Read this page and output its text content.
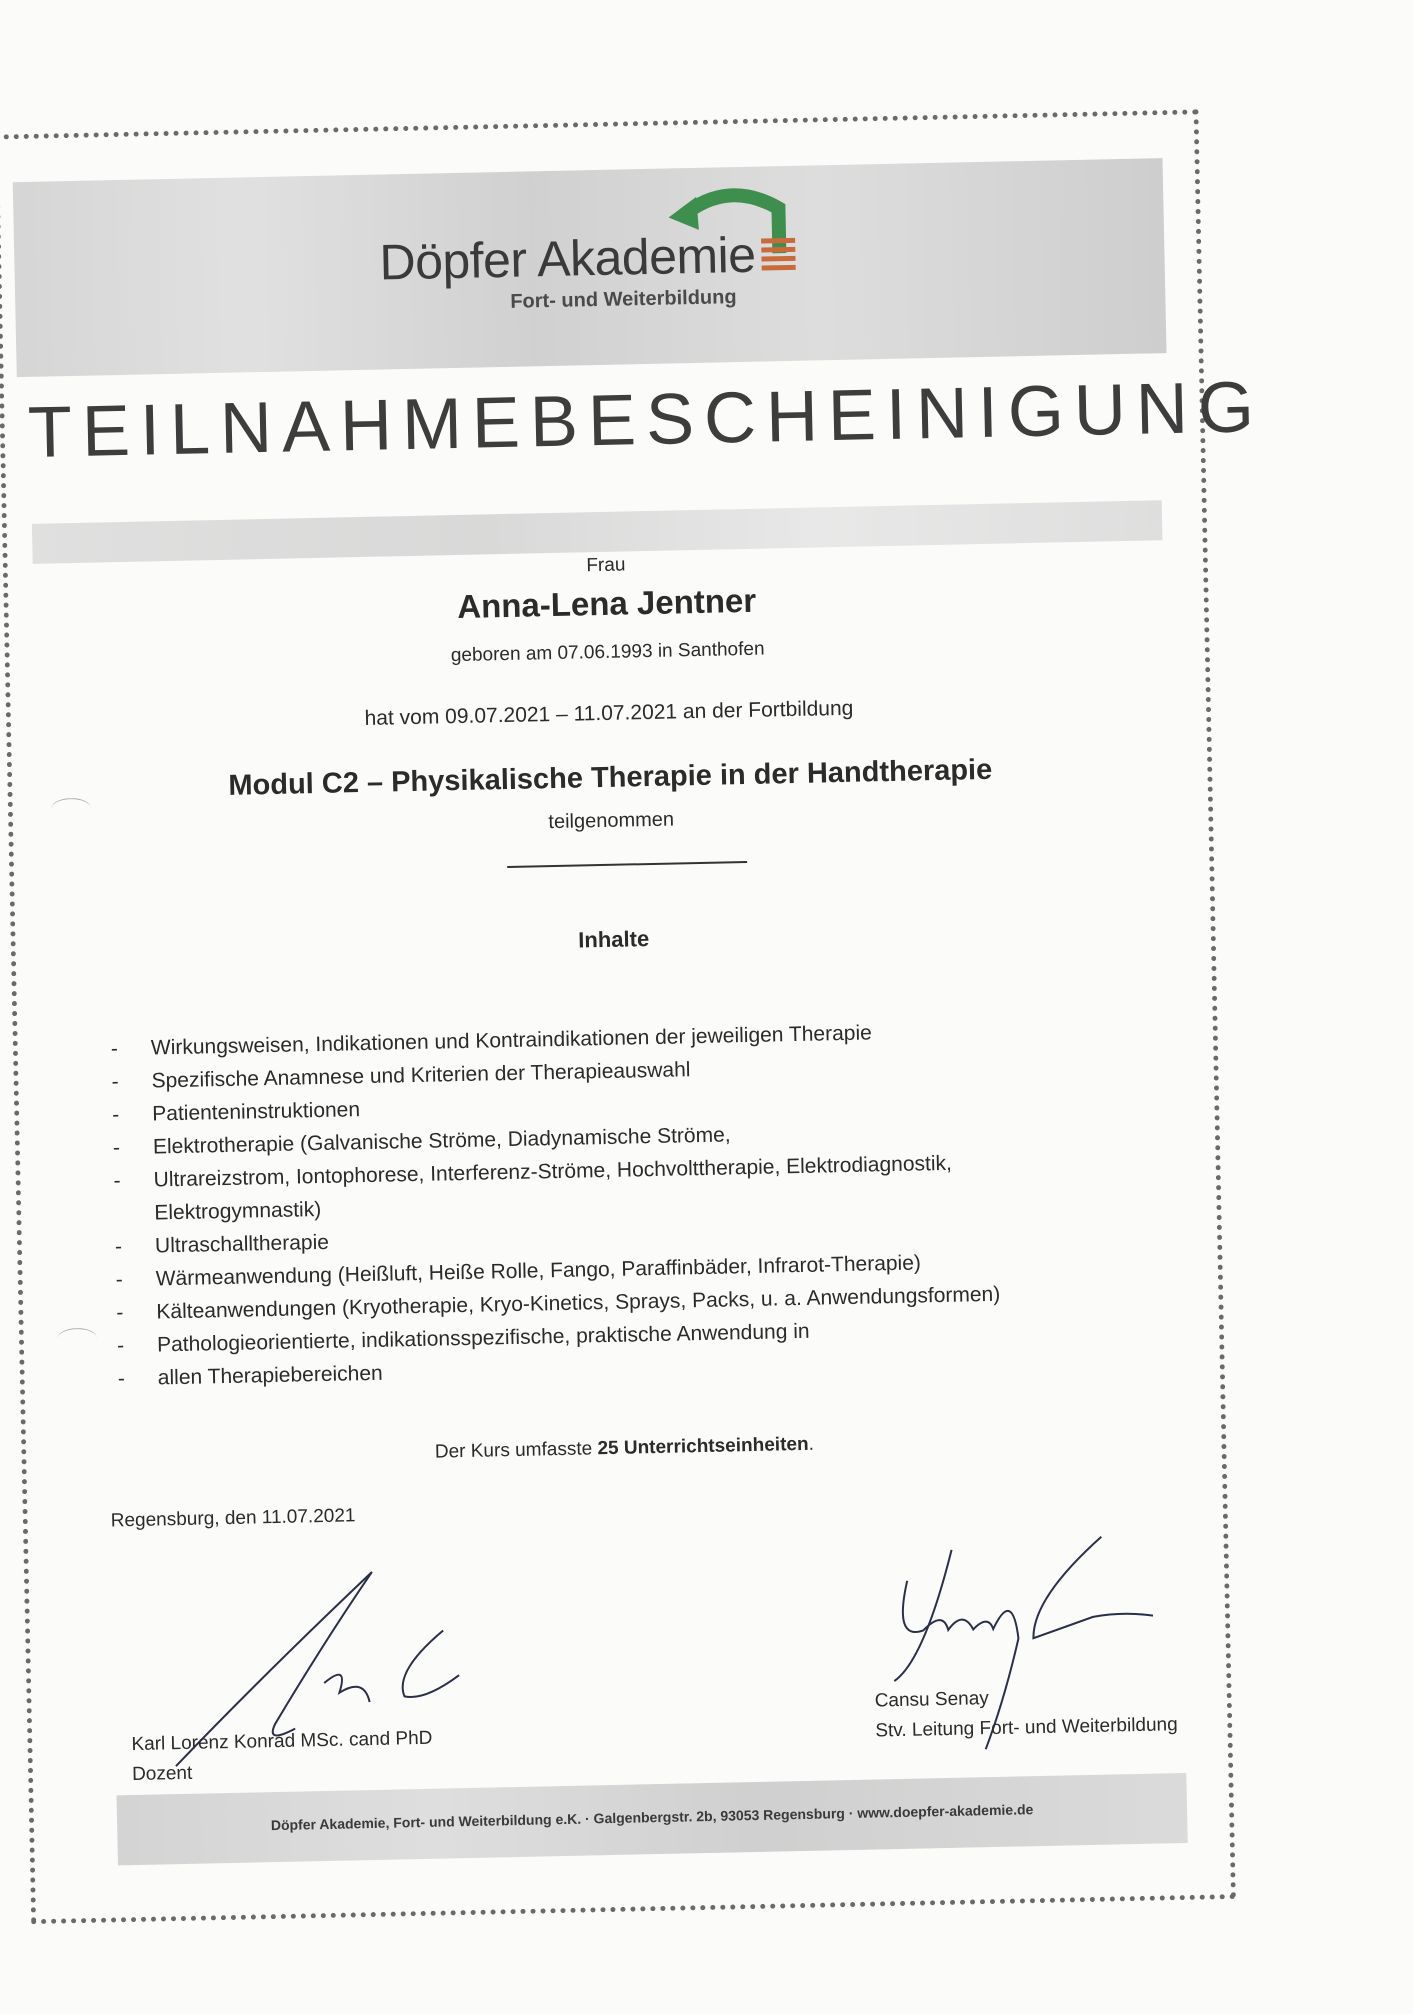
Döpfer Akademie
Fort- und Weiterbildung
TEILNAHMEBESCHEINIGUNG
Frau
Anna-Lena Jentner
geboren am 07.06.1993 in Santhofen
hat vom 09.07.2021 – 11.07.2021 an der Fortbildung
Modul C2 – Physikalische Therapie in der Handtherapie
teilgenommen
Inhalte
- Wirkungsweisen, Indikationen und Kontraindikationen der jeweiligen Therapie
- Spezifische Anamnese und Kriterien der Therapieauswahl
- Patienteninstruktionen
- Elektrotherapie (Galvanische Ströme, Diadynamische Ströme,
- Ultrareizstrom, Iontophorese, Interferenz-Ströme, Hochvolttherapie, Elektrodiagnostik,
Elektrogymnastik)
- Ultraschalltherapie
- Wärmeanwendung (Heißluft, Heiße Rolle, Fango, Paraffinbäder, Infrarot-Therapie)
- Kälteanwendungen (Kryotherapie, Kryo-Kinetics, Sprays, Packs, u. a. Anwendungsformen)
- Pathologieorientierte, indikationsspezifische, praktische Anwendung in
- allen Therapiebereichen
Der Kurs umfasste 25 Unterrichtseinheiten.
Regensburg, den 11.07.2021
Karl Lorenz Konrad MSc. cand PhD
Dozent
Cansu Senay
Stv. Leitung Fort- und Weiterbildung
Döpfer Akademie, Fort- und Weiterbildung e.K. · Galgenbergstr. 2b, 93053 Regensburg · www.doepfer-akademie.de
